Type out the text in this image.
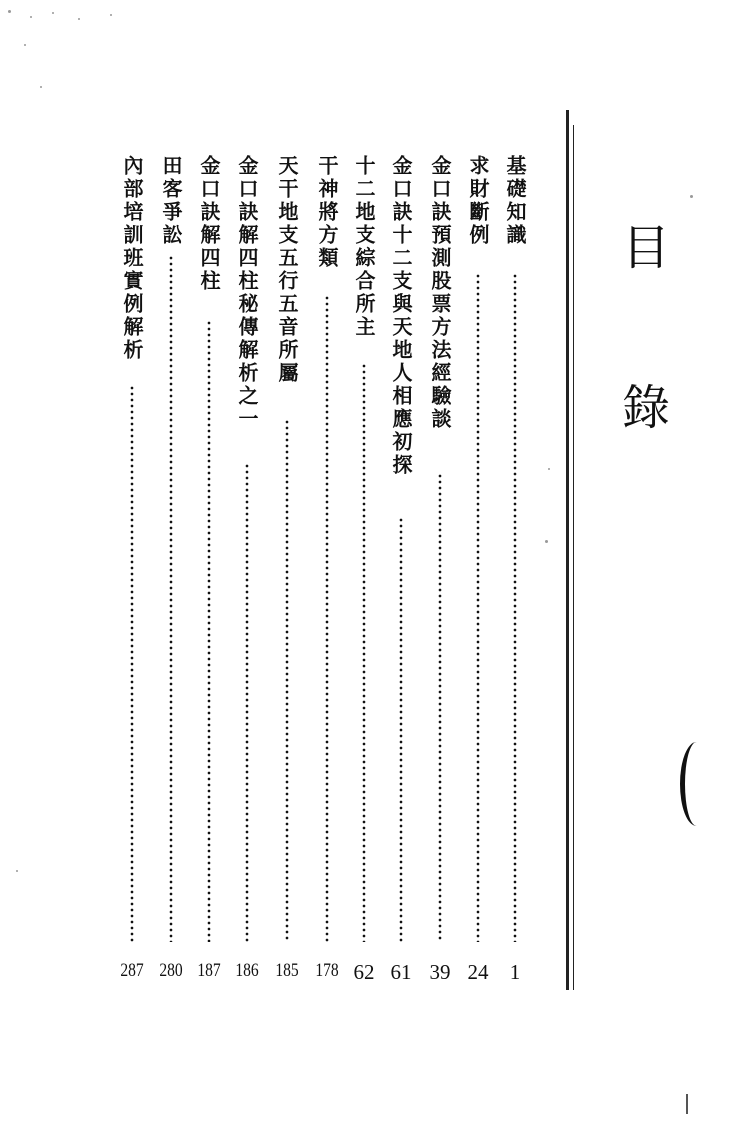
目
錄
基礎知識
1
求財斷例
24
金口訣預測股票方法經驗談
39
金口訣十二支與天地人相應初探
61
十二地支綜合所主
62
干神將方類
178
天干地支五行五音所屬
185
金口訣解四柱秘傳解析之一
186
金口訣解四柱
187
田客爭訟
280
內部培訓班實例解析
287
